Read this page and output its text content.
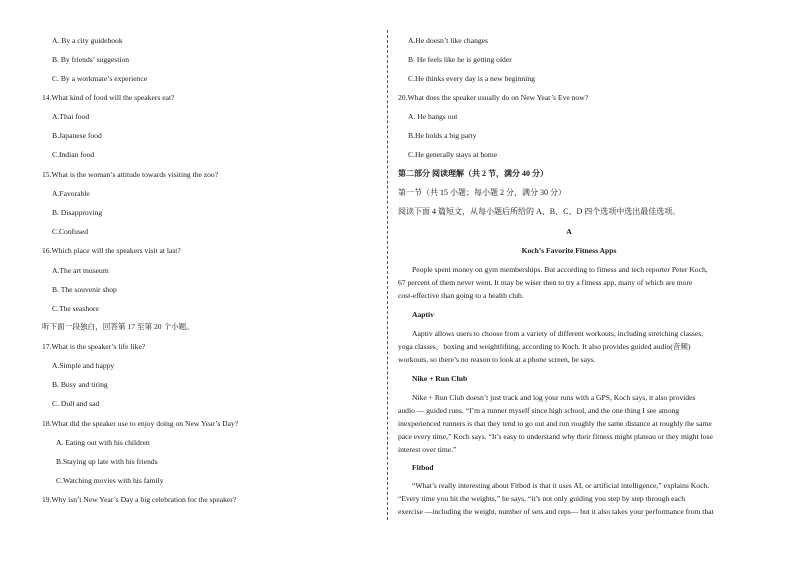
A. By a city guidebook
B. By friends’ suggestion
C. By a workmate’s experience
14.What kind of food will the speakers eat?
A.Thai food
B.Japanese food
C.Indian food
15.What is the woman’s attitude towards visiting the zoo?
A.Favorable
B. Disapproving
C.Confused
16.Which place will the speakers visit at last?
A.The art museum
B. The souvenir shop
C.The seashore
听下面一段独白，回答第 17 至第 20 个小题。
17.What is the speaker’s life like?
A.Simple and happy
B. Busy and tiring
C. Dull and sad
18.What did the speaker use to enjoy doing on New Year’s Day?
A. Eating out with his children
B.Staying up late with his friends
C.Watching movies with his family
19.Why isn’t New Year’s Day a big celebration for the speaker?
A.He doesn’t like changes
B. He feels like he is getting older
C.He thinks every day is a new beginning
20.What does the speaker usually do on New Year’s Eve now?
A. He hangs out
B.He holds a big party
C.He generally stays at home
第二部分 阅读理解（共 2 节，满分 40 分）
第一节（共 15 小题；每小题 2 分，满分 30 分）
阅读下面 4 篇短文，从每小题后所给的 A、B、C、D 四个选项中选出最佳选项。
A
Koch’s Favorite Fitness Apps
People spent money on gym memberships. But according to fitness and tech reporter Peter Koch,
67 percent of them never went. It may be wiser then to try a fitness app, many of which are more
cost-effective than going to a health club.
Aaptiv
Aaptiv allows users to choose from a variety of different workouts, including stretching classes,
yoga classes，boxing and weightlifting, according to Koch. It also provides guided audio(音频)
workouts, so there’s no reason to look at a phone screen, he says.
Nike + Run Club
Nike + Run Club doesn’t just track and log your runs with a GPS, Koch says, it also provides
audio — guided runs. “I’m a runner myself since high school, and the one thing I see among
inexperienced runners is that they tend to go out and run roughly the same distance at roughly the same
pace every time,” Koch says. “It’s easy to understand why their fitness might plateau or they might lose
interest over time.”
Fitbod
“What’s really interesting about Fitbod is that it uses AI, or artificial intelligence,” explains Koch.
“Every time you hit the weights,” he says, “it’s not only guiding you step by step through each
exercise —including the weight, number of sets and reps— but it also takes your performance from that
